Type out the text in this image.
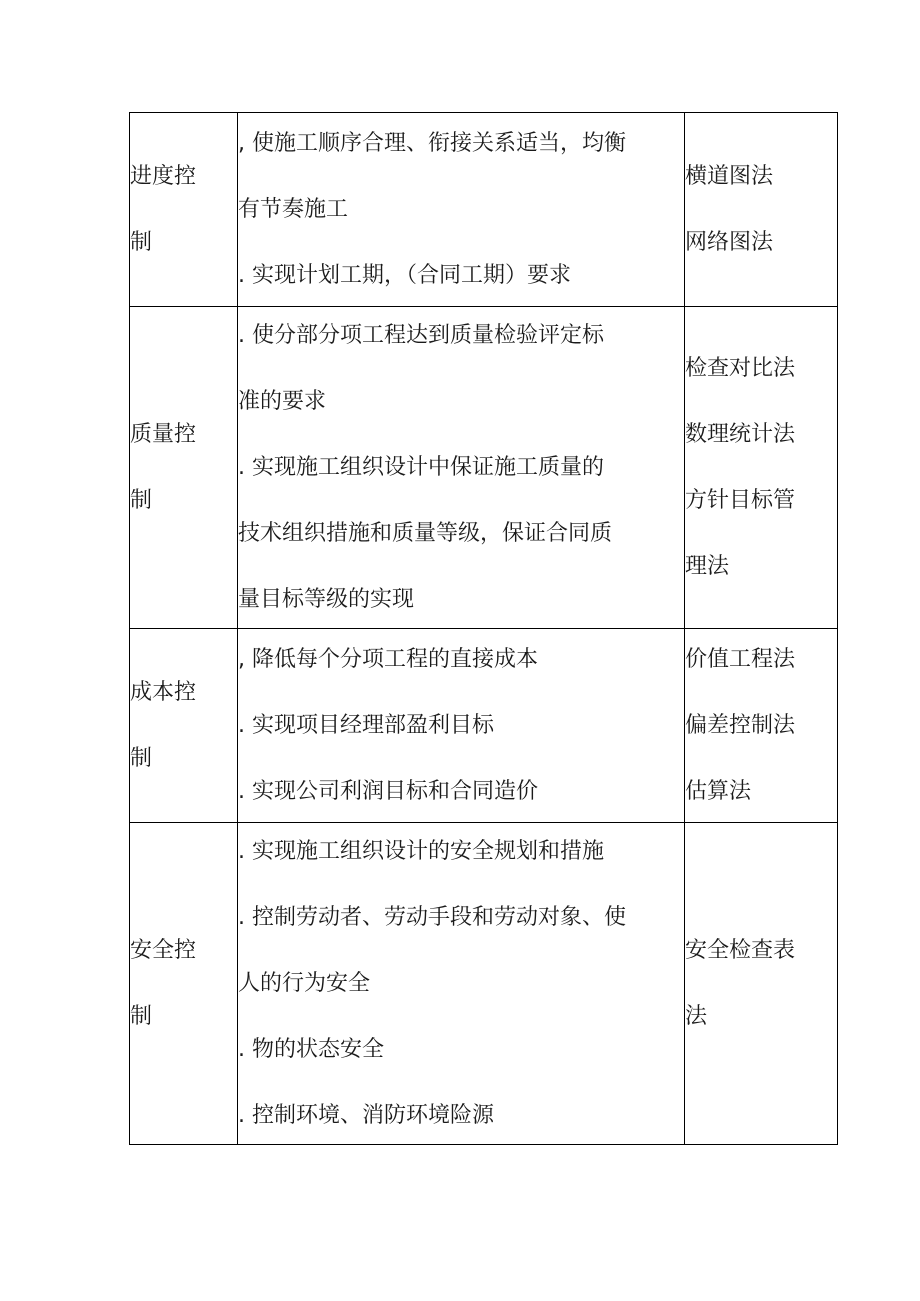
进度控
制	, 使施工顺序合理、衔接关系适当，均衡
有节奏施工
. 实现计划工期，（合同工期）要求	横道图法
网络图法

质量控
制	. 使分部分项工程达到质量检验评定标
准的要求
. 实现施工组织设计中保证施工质量的
技术组织措施和质量等级，保证合同质
量目标等级的实现	检查对比法
数理统计法
方针目标管
理法

成本控
制	, 降低每个分项工程的直接成本
. 实现项目经理部盈利目标
. 实现公司利润目标和合同造价	价值工程法
偏差控制法
估算法

安全控
制	. 实现施工组织设计的安全规划和措施
. 控制劳动者、劳动手段和劳动对象、使
人的行为安全
. 物的状态安全
. 控制环境、消防环境险源	安全检查表
法
